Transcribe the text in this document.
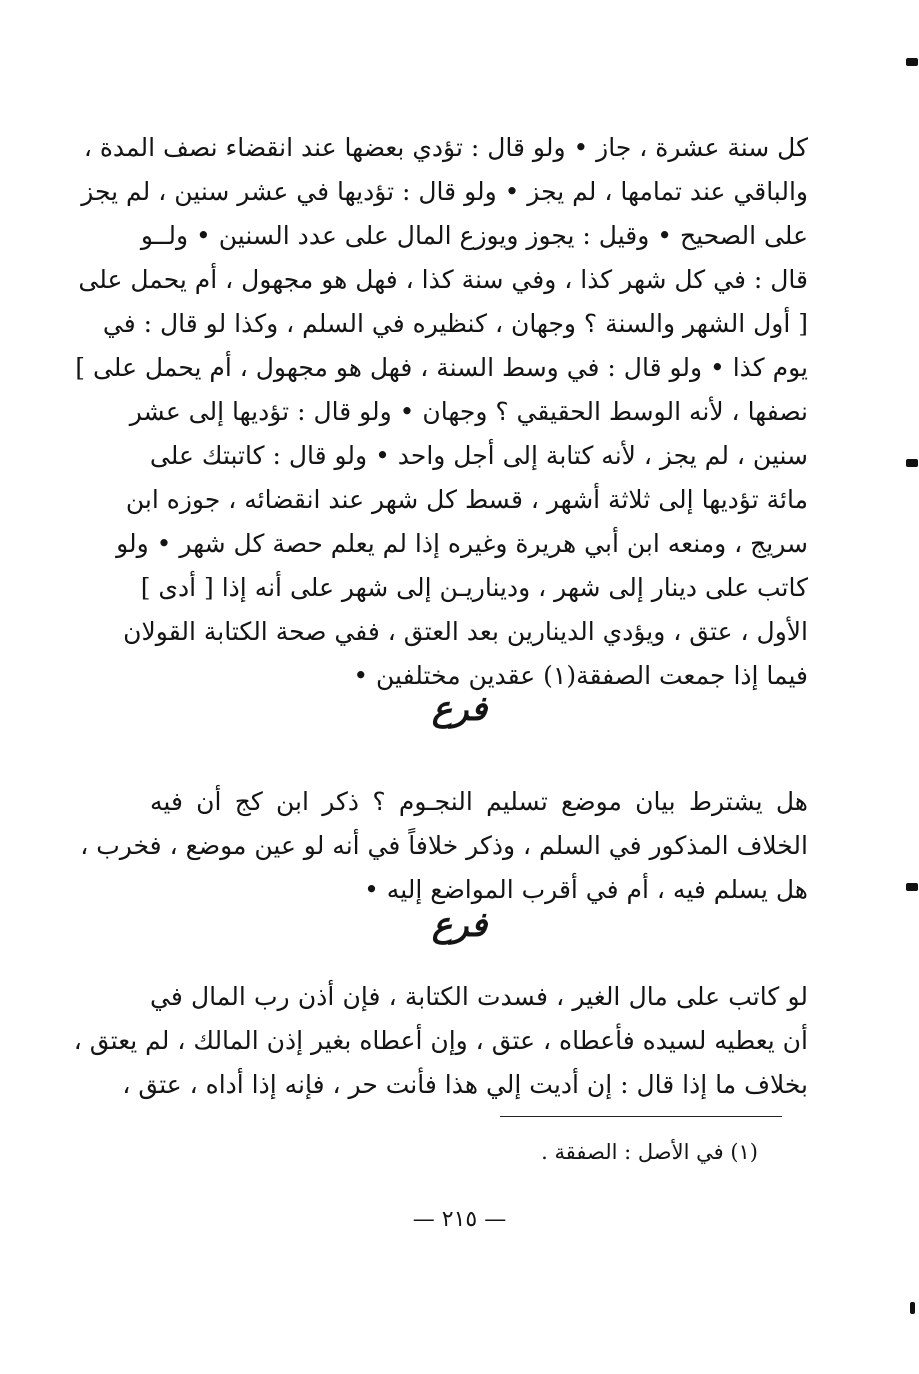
كل سنة عشرة ، جاز • ولو قال : تؤدي بعضها عند انقضاء نصف المدة ،
والباقي عند تمامها ، لم يجز • ولو قال : تؤديها في عشر سنين ، لم يجز
على الصحيح • وقيل : يجوز ويوزع المال على عدد السنين • ولــو
قال : في كل شهر كذا ، وفي سنة كذا ، فهل هو مجهول ، أم يحمل على
[ أول الشهر والسنة ؟ وجهان ، كنظيره في السلم ، وكذا لو قال : في
يوم كذا • ولو قال : في وسط السنة ، فهل هو مجهول ، أم يحمل على ]
نصفها ، لأنه الوسط الحقيقي ؟ وجهان • ولو قال : تؤديها إلى عشر
سنين ، لم يجز ، لأنه كتابة إلى أجل واحد • ولو قال : كاتبتك على
مائة تؤديها إلى ثلاثة أشهر ، قسط كل شهر عند انقضائه ، جوزه ابن
سريج ، ومنعه ابن أبي هريرة وغيره إذا لم يعلم حصة كل شهر • ولو
كاتب على دينار إلى شهر ، وديناريـن إلى شهر على أنه إذا [ أدى ]
الأول ، عتق ، ويؤدي الدينارين بعد العتق ، ففي صحة الكتابة القولان
فيما إذا جمعت الصفقة(١) عقدين مختلفين •
فرع
هل يشترط بيان موضع تسليم النجـوم ؟ ذكر ابن كج أن فيه
الخلاف المذكور في السلم ، وذكر خلافاً في أنه لو عين موضع ، فخرب ،
هل يسلم فيه ، أم في أقرب المواضع إليه •
فرع
لو كاتب على مال الغير ، فسدت الكتابة ، فإن أذن رب المال في
أن يعطيه لسيده فأعطاه ، عتق ، وإن أعطاه بغير إذن المالك ، لم يعتق ،
بخلاف ما إذا قال : إن أديت إلي هذا فأنت حر ، فإنه إذا أداه ، عتق ،
(١) في الأصل : الصفقة .
— ٢١٥ —
